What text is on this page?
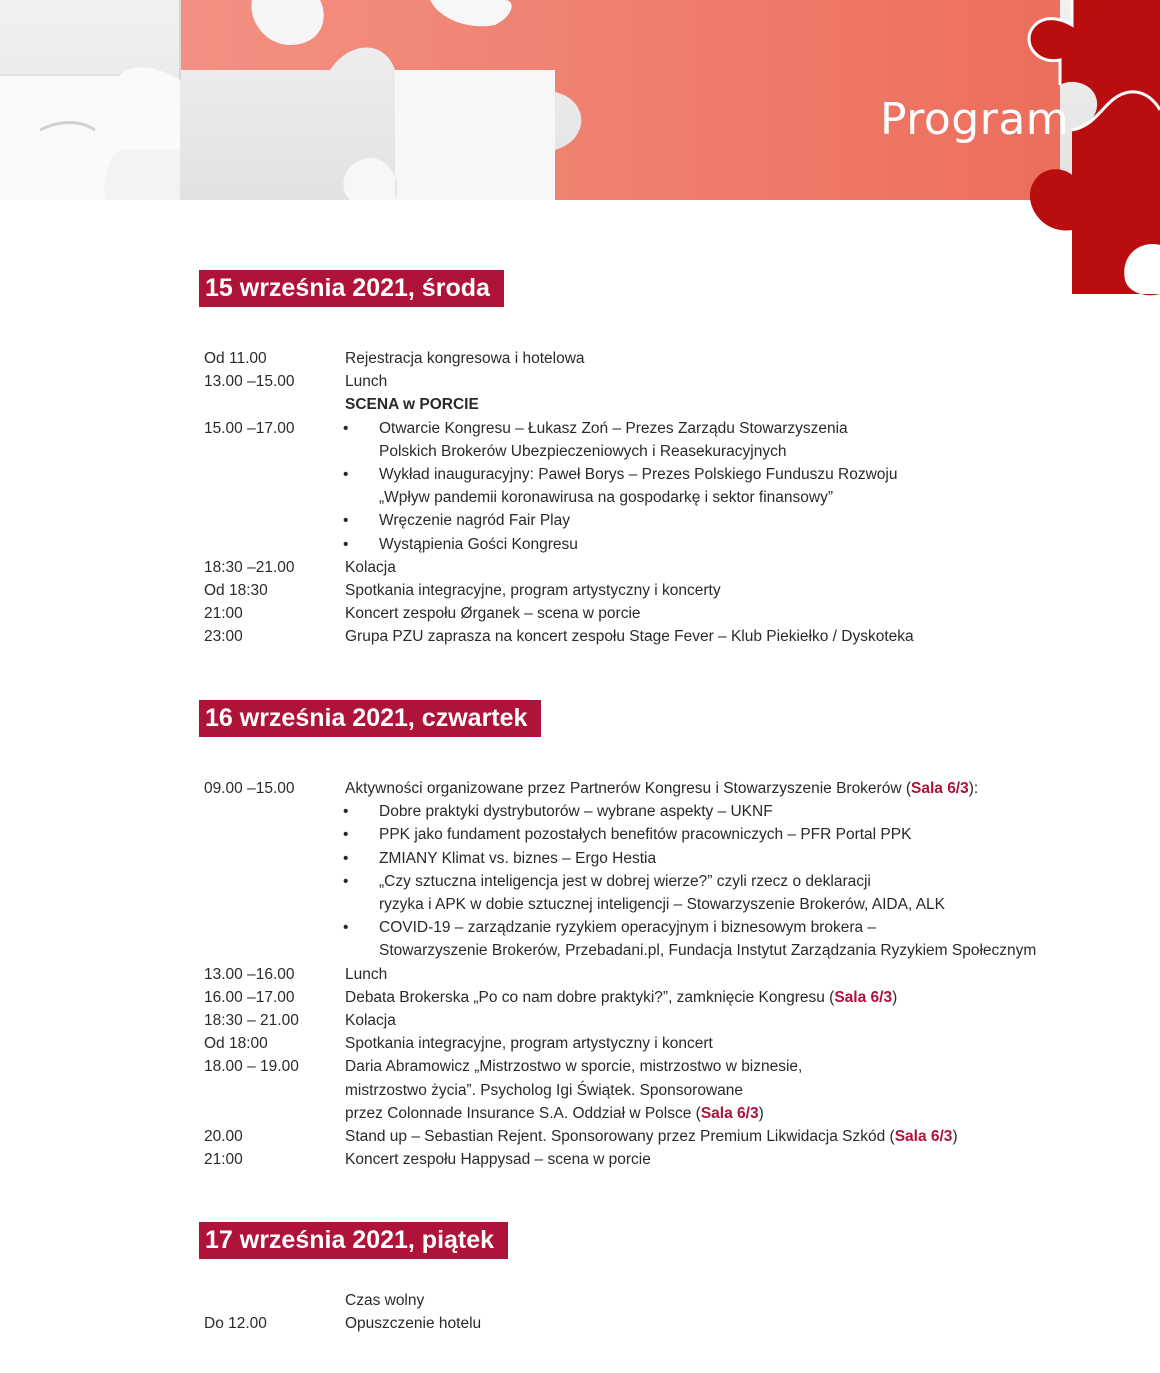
Program
15 września 2021, środa
Od 11.00	Rejestracja kongresowa i hotelowa
13.00 –15.00	Lunch
SCENA w PORCIE
15.00 –17.00
•	Otwarcie Kongresu – Łukasz Zoń – Prezes Zarządu Stowarzyszenia
Polskich Brokerów Ubezpieczeniowych i Reasekuracyjnych
• Wykład inauguracyjny: Paweł Borys – Prezes Polskiego Funduszu Rozwoju
„Wpływ pandemii koronawirusa na gospodarkę i sektor finansowy”
• Wręczenie nagród Fair Play
• Wystąpienia Gości Kongresu
18:30 –21.00	Kolacja
Od 18:30	Spotkania integracyjne, program artystyczny i koncerty
21:00	Koncert zespołu Ørganek – scena w porcie
23:00	Grupa PZU zaprasza na koncert zespołu Stage Fever – Klub Piekiełko / Dyskoteka
16 września 2021, czwartek
09.00 –15.00	Aktywności organizowane przez Partnerów Kongresu i Stowarzyszenie Brokerów (Sala 6/3):
• Dobre praktyki dystrybutorów – wybrane aspekty – UKNF
• PPK jako fundament pozostałych benefitów pracowniczych – PFR Portal PPK
• ZMIANY Klimat vs. biznes – Ergo Hestia
• „Czy sztuczna inteligencja jest w dobrej wierze?” czyli rzecz o deklaracji
ryzyka i APK w dobie sztucznej inteligencji – Stowarzyszenie Brokerów, AIDA, ALK
• COVID-19 – zarządzanie ryzykiem operacyjnym i biznesowym brokera –
Stowarzyszenie Brokerów, Przebadani.pl, Fundacja Instytut Zarządzania Ryzykiem Społecznym
13.00 –16.00	Lunch
16.00 –17.00	Debata Brokerska „Po co nam dobre praktyki?”, zamknięcie Kongresu (Sala 6/3)
18:30 – 21.00	Kolacja
Od 18:00	Spotkania integracyjne, program artystyczny i koncert
18.00 – 19.00	Daria Abramowicz „Mistrzostwo w sporcie, mistrzostwo w biznesie,
mistrzostwo życia”. Psycholog Igi Świątek. Sponsorowane
przez Colonnade Insurance S.A. Oddział w Polsce (Sala 6/3)
20.00	Stand up – Sebastian Rejent. Sponsorowany przez Premium Likwidacja Szkód (Sala 6/3)
21:00	Koncert zespołu Happysad – scena w porcie
17 września 2021, piątek
Czas wolny
Do 12.00	Opuszczenie hotelu
